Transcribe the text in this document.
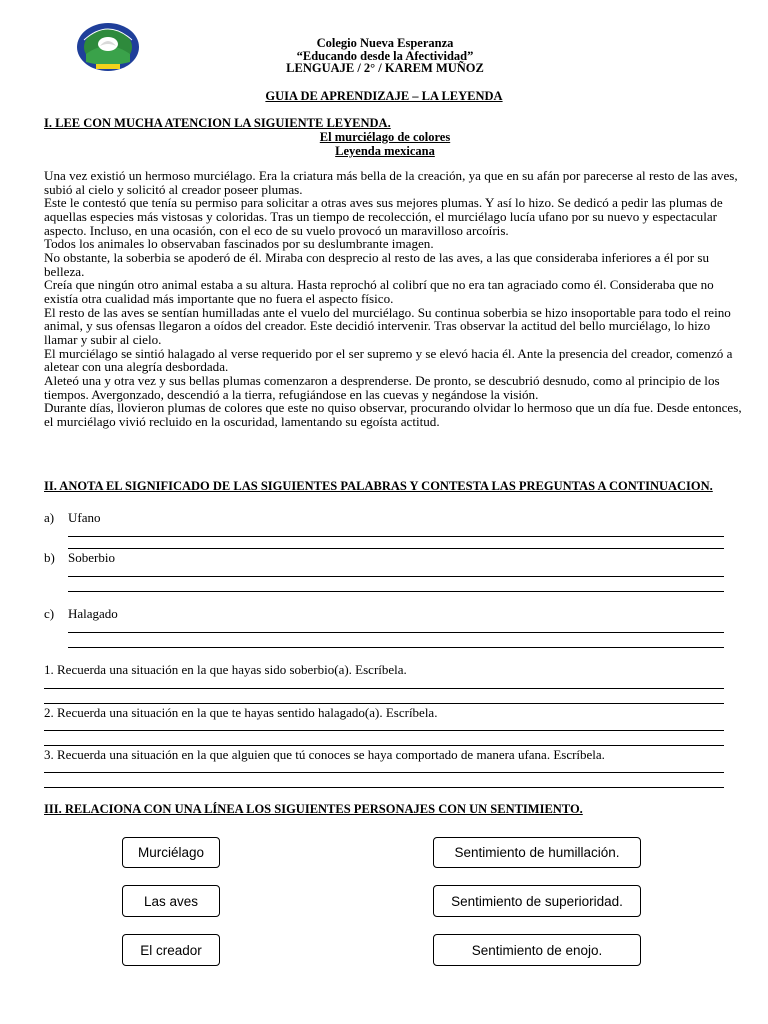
Colegio Nueva Esperanza
“Educando desde la Afectividad”
LENGUAJE / 2° / KAREM MUÑOZ
GUIA DE APRENDIZAJE – LA LEYENDA
I. LEE CON MUCHA ATENCION LA SIGUIENTE LEYENDA.
El murciélago de colores
Leyenda mexicana

Una vez existió un hermoso murciélago. Era la criatura más bella de la creación, ya que en su afán por parecerse al resto de las aves, subió al cielo y solicitó al creador poseer plumas.

Este le contestó que tenía su permiso para solicitar a otras aves sus mejores plumas. Y así lo hizo. Se dedicó a pedir las plumas de aquellas especies más vistosas y coloridas. Tras un tiempo de recolección, el murciélago lucía ufano por su nuevo y espectacular aspecto. Incluso, en una ocasión, con el eco de su vuelo provocó un maravilloso arcoíris.

Todos los animales lo observaban fascinados por su deslumbrante imagen.

No obstante, la soberbia se apoderó de él. Miraba con desprecio al resto de las aves, a las que consideraba inferiores a él por su belleza.

Creía que ningún otro animal estaba a su altura. Hasta reprochó al colibrí que no era tan agraciado como él. Consideraba que no existía otra cualidad más importante que no fuera el aspecto físico.

El resto de las aves se sentían humilladas ante el vuelo del murciélago. Su continua soberbia se hizo insoportable para todo el reino animal, y sus ofensas llegaron a oídos del creador. Este decidió intervenir. Tras observar la actitud del bello murciélago, lo hizo llamar y subir al cielo.

El murciélago se sintió halagado al verse requerido por el ser supremo y se elevó hacia él. Ante la presencia del creador, comenzó a aletear con una alegría desbordada.

Aleteó una y otra vez y sus bellas plumas comenzaron a desprenderse. De pronto, se descubrió desnudo, como al principio de los tiempos. Avergonzado, descendió a la tierra, refugiándose en las cuevas y negándose la visión.

Durante días, llovieron plumas de colores que este no quiso observar, procurando olvidar lo hermoso que un día fue. Desde entonces, el murciélago vivió recluido en la oscuridad, lamentando su egoísta actitud.

II. ANOTA EL SIGNIFICADO DE LAS SIGUIENTES PALABRAS Y CONTESTA LAS PREGUNTAS A CONTINUACION.
a) Ufano
b) Soberbio
c) Halagado
1. Recuerda una situación en la que hayas sido soberbio(a). Escríbela.
2. Recuerda una situación en la que te hayas sentido halagado(a). Escríbela.
3. Recuerda una situación en la que alguien que tú conoces se haya comportado de manera ufana. Escríbela.
III. RELACIONA CON UNA LÍNEA LOS SIGUIENTES PERSONAJES CON UN SENTIMIENTO.
Murciélago
Las aves
El creador
Sentimiento de humillación.
Sentimiento de superioridad.
Sentimiento de enojo.
